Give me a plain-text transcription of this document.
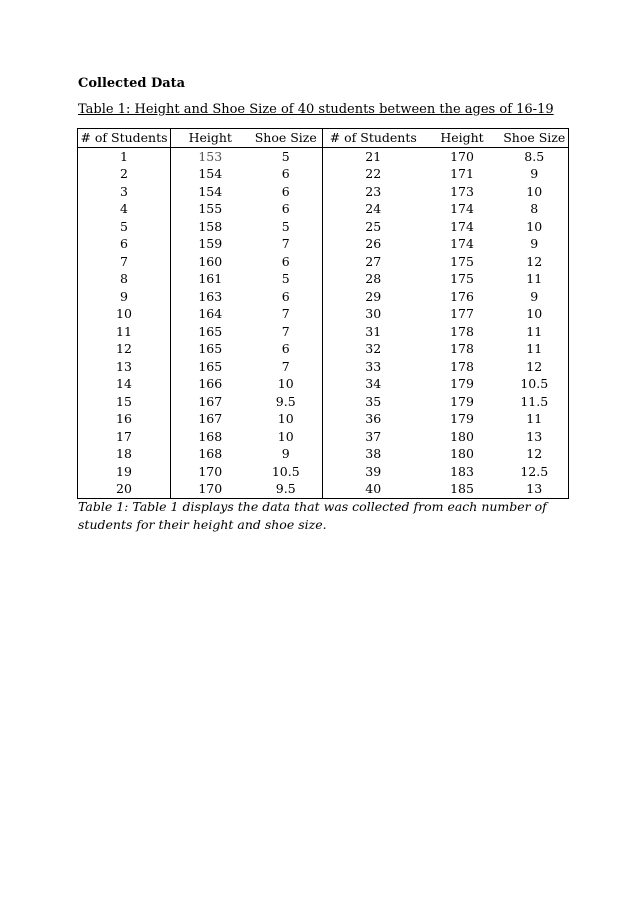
Collected Data
Table 1: Height and Shoe Size of 40 students between the ages of 16-19
# of Students	Height	Shoe Size	# of Students	Height	Shoe Size
1	153	5	21	170	8.5
2	154	6	22	171	9
3	154	6	23	173	10
4	155	6	24	174	8
5	158	5	25	174	10
6	159	7	26	174	9
7	160	6	27	175	12
8	161	5	28	175	11
9	163	6	29	176	9
10	164	7	30	177	10
11	165	7	31	178	11
12	165	6	32	178	11
13	165	7	33	178	12
14	166	10	34	179	10.5
15	167	9.5	35	179	11.5
16	167	10	36	179	11
17	168	10	37	180	13
18	168	9	38	180	12
19	170	10.5	39	183	12.5
20	170	9.5	40	185	13
Table 1: Table 1 displays the data that was collected from each number of students for their height and shoe size.
